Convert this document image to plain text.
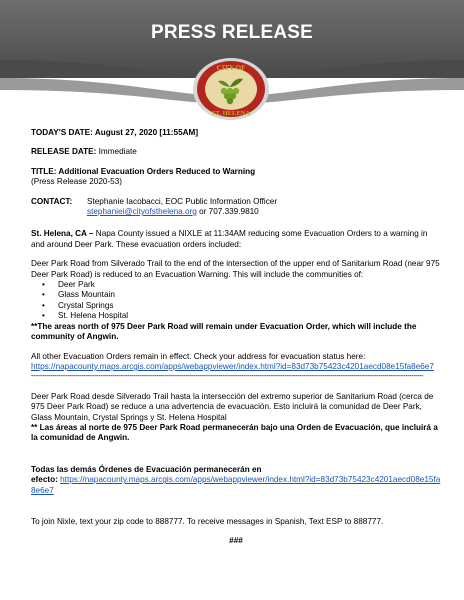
PRESS RELEASE
CITY OF
ST. HELENA

TODAY'S DATE: August 27, 2020 [11:55AM]

RELEASE DATE: Immediate

TITLE: Additional Evacuation Orders Reduced to Warning

(Press Release 2020-53)

CONTACT:	Stephanie Iacobacci, EOC Public Information Officer
stephaniei@cityofsthelena.org or 707.339.9810

St. Helena, CA – Napa County issued a NIXLE at 11:34AM reducing some Evacuation Orders to a warning in and around Deer Park. These evacuation orders included:

Deer Park Road from Silverado Trail to the end of the intersection of the upper end of Sanitarium Road (near 975 Deer Park Road) is reduced to an Evacuation Warning. This will include the communities of:

• Deer Park
• Glass Mountain
• Crystal Springs
• St. Helena Hospital

**The areas north of 975 Deer Park Road will remain under Evacuation Order, which will include the community of Angwin.

All other Evacuation Orders remain in effect. Check your address for evacuation status here:

https://napacounty.maps.arcgis.com/apps/webappviewer/index.html?id=83d73b75423c4201aecd08e15fa8e6e7
-----------------------------------------------------------------------------------------------------------------------------------------------------------------------------------------------------------

Deer Park Road desde Silverado Trail hasta la intersección del extremo superior de Sanitarium Road (cerca de 975 Deer Park Road) se reduce a una advertencia de evacuación. Esto incluirá la comunidad de Deer Park, Glass Mountain, Crystal Springs y St. Helena Hospital

** Las áreas al norte de 975 Deer Park Road permanecerán bajo una Orden de Evacuación, que incluirá a la comunidad de Angwin.

Todas las demás Órdenes de Evacuación permanecerán en

efecto: https://napacounty.maps.arcgis.com/apps/webappviewer/index.html?id=83d73b75423c4201aecd08e15fa8e6e7

To join Nixle, text your zip code to 888777. To receive messages in Spanish, Text ESP to 888777.

###
